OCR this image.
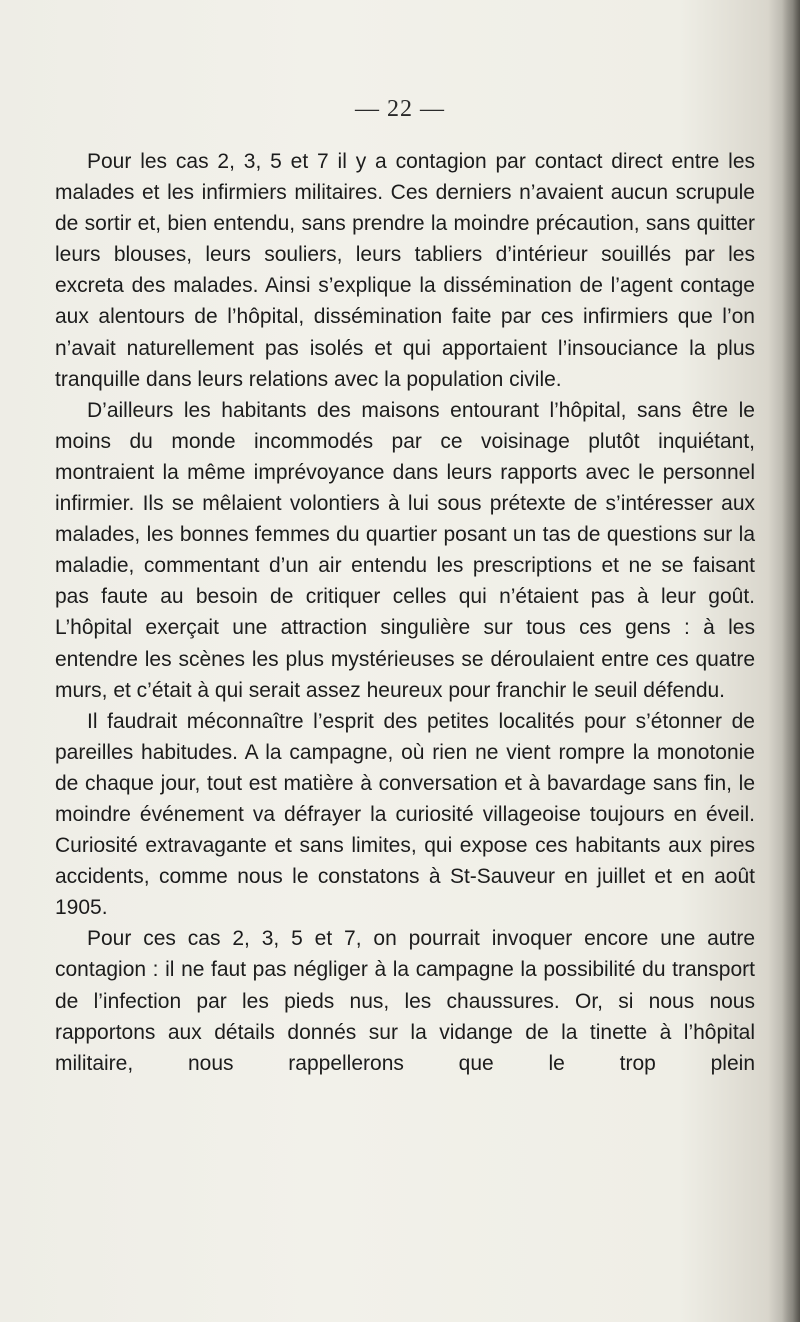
— 22 —

Pour les cas 2, 3, 5 et 7 il y a contagion par contact direct entre les malades et les infirmiers militaires. Ces derniers n’avaient aucun scrupule de sortir et, bien entendu, sans prendre la moindre précaution, sans quitter leurs blouses, leurs souliers, leurs tabliers d’intérieur souillés par les excreta des malades. Ainsi s’explique la dissémination de l’agent contage aux alentours de l’hôpital, dissémination faite par ces infirmiers que l’on n’avait naturellement pas isolés et qui apportaient l’insouciance la plus tranquille dans leurs relations avec la population civile.

D’ailleurs les habitants des maisons entourant l’hôpital, sans être le moins du monde incommodés par ce voisinage plutôt inquiétant, montraient la même imprévoyance dans leurs rapports avec le personnel infirmier. Ils se mêlaient volontiers à lui sous prétexte de s’intéresser aux malades, les bonnes femmes du quartier posant un tas de questions sur la maladie, commentant d’un air entendu les prescriptions et ne se faisant pas faute au besoin de critiquer celles qui n’étaient pas à leur goût. L’hôpital exerçait une attraction singulière sur tous ces gens : à les entendre les scènes les plus mystérieuses se déroulaient entre ces quatre murs, et c’était à qui serait assez heureux pour franchir le seuil défendu.

Il faudrait méconnaître l’esprit des petites localités pour s’étonner de pareilles habitudes. A la campagne, où rien ne vient rompre la monotonie de chaque jour, tout est matière à conversation et à bavardage sans fin, le moindre événement va défrayer la curiosité villageoise toujours en éveil. Curiosité extravagante et sans limites, qui expose ces habitants aux pires accidents, comme nous le constatons à St-Sauveur en juillet et en août 1905.

Pour ces cas 2, 3, 5 et 7, on pourrait invoquer encore une autre contagion : il ne faut pas négliger à la campagne la possibilité du transport de l’infection par les pieds nus, les chaussures. Or, si nous nous rapportons aux détails donnés sur la vidange de la tinette à l’hôpital militaire, nous rappellerons que le trop plein
